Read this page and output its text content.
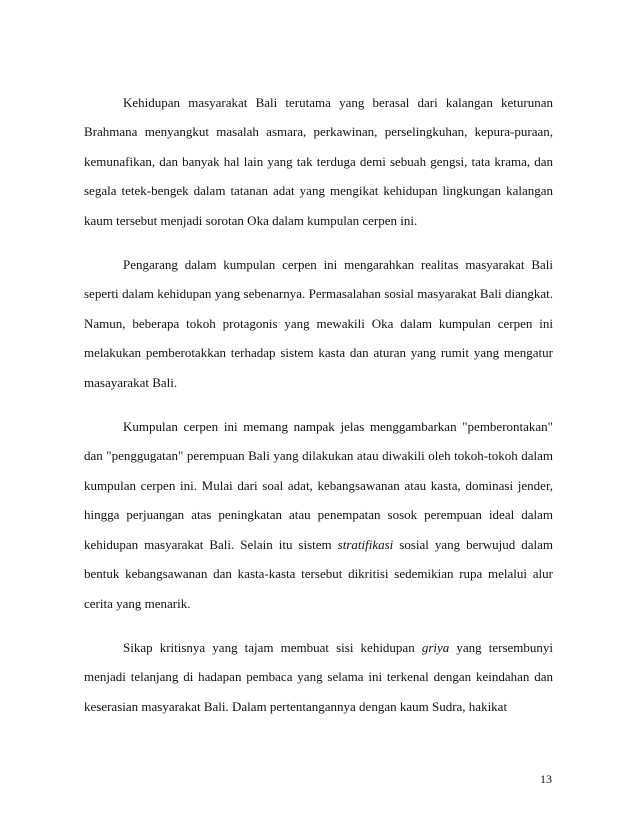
Kehidupan masyarakat Bali terutama yang berasal dari kalangan keturunan Brahmana menyangkut masalah asmara, perkawinan, perselingkuhan, kepura-puraan, kemunafikan, dan banyak hal lain yang tak terduga demi sebuah gengsi, tata krama, dan segala tetek-bengek dalam tatanan adat yang mengikat kehidupan lingkungan kalangan kaum tersebut menjadi sorotan Oka dalam kumpulan cerpen ini.

Pengarang dalam kumpulan cerpen ini mengarahkan realitas masyarakat Bali seperti dalam kehidupan yang sebenarnya. Permasalahan sosial masyarakat Bali diangkat. Namun, beberapa tokoh protagonis yang mewakili Oka dalam kumpulan cerpen ini melakukan pemberotakkan terhadap sistem kasta dan aturan yang rumit yang mengatur masayarakat Bali.

Kumpulan cerpen ini memang nampak jelas menggambarkan "pemberontakan" dan "penggugatan" perempuan Bali yang dilakukan atau diwakili oleh tokoh-tokoh dalam kumpulan cerpen ini. Mulai dari soal adat, kebangsawanan atau kasta, dominasi jender, hingga perjuangan atas peningkatan atau penempatan sosok perempuan ideal dalam kehidupan masyarakat Bali. Selain itu sistem stratifikasi sosial yang berwujud dalam bentuk kebangsawanan dan kasta-kasta tersebut dikritisi sedemikian rupa melalui alur cerita yang menarik.

Sikap kritisnya yang tajam membuat sisi kehidupan griya yang tersembunyi menjadi telanjang di hadapan pembaca yang selama ini terkenal dengan keindahan dan keserasian masyarakat Bali. Dalam pertentangannya dengan kaum Sudra, hakikat

13
